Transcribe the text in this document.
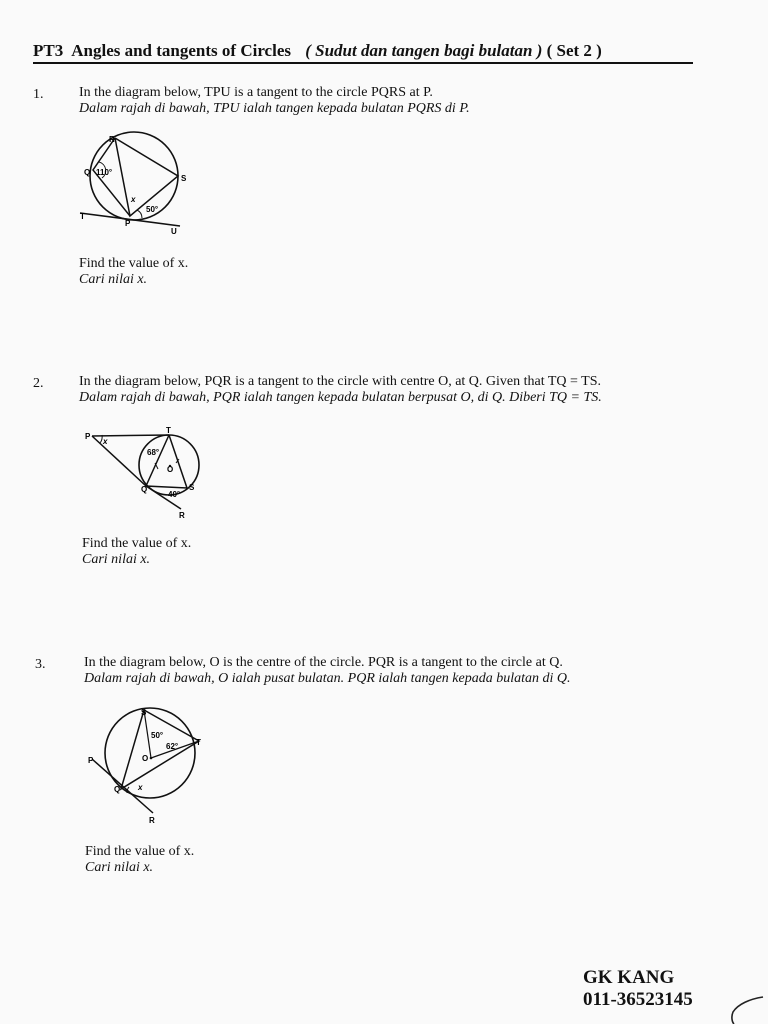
PT3 Angles and tangents of Circles ( Sudut dan tangen bagi bulatan ) ( Set 2 )
1.	In the diagram below, TPU is a tangent to the circle PQRS at P.
Dalam rajah di bawah, TPU ialah tangen kepada bulatan PQRS di P.
R
Q
S
T
P
U
110°
50°
x
Find the value of x.
Cari nilai x.
2.	In the diagram below, PQR is a tangent to the circle with centre O, at Q. Given that TQ = TS.
Dalam rajah di bawah, PQR ialah tangen kepada bulatan berpusat O, di Q. Diberi TQ = TS.
P
T
Q	S
R
O
68°
40°
x
Find the value of x.
Cari nilai x.
3.	In the diagram below, O is the centre of the circle. PQR is a tangent to the circle at Q.
Dalam rajah di bawah, O ialah pusat bulatan. PQR ialah tangen kepada bulatan di Q.
S
T
P
Q
R
O
50°
62°
x
Find the value of x.
Cari nilai x.
GK KANG
011-36523145
